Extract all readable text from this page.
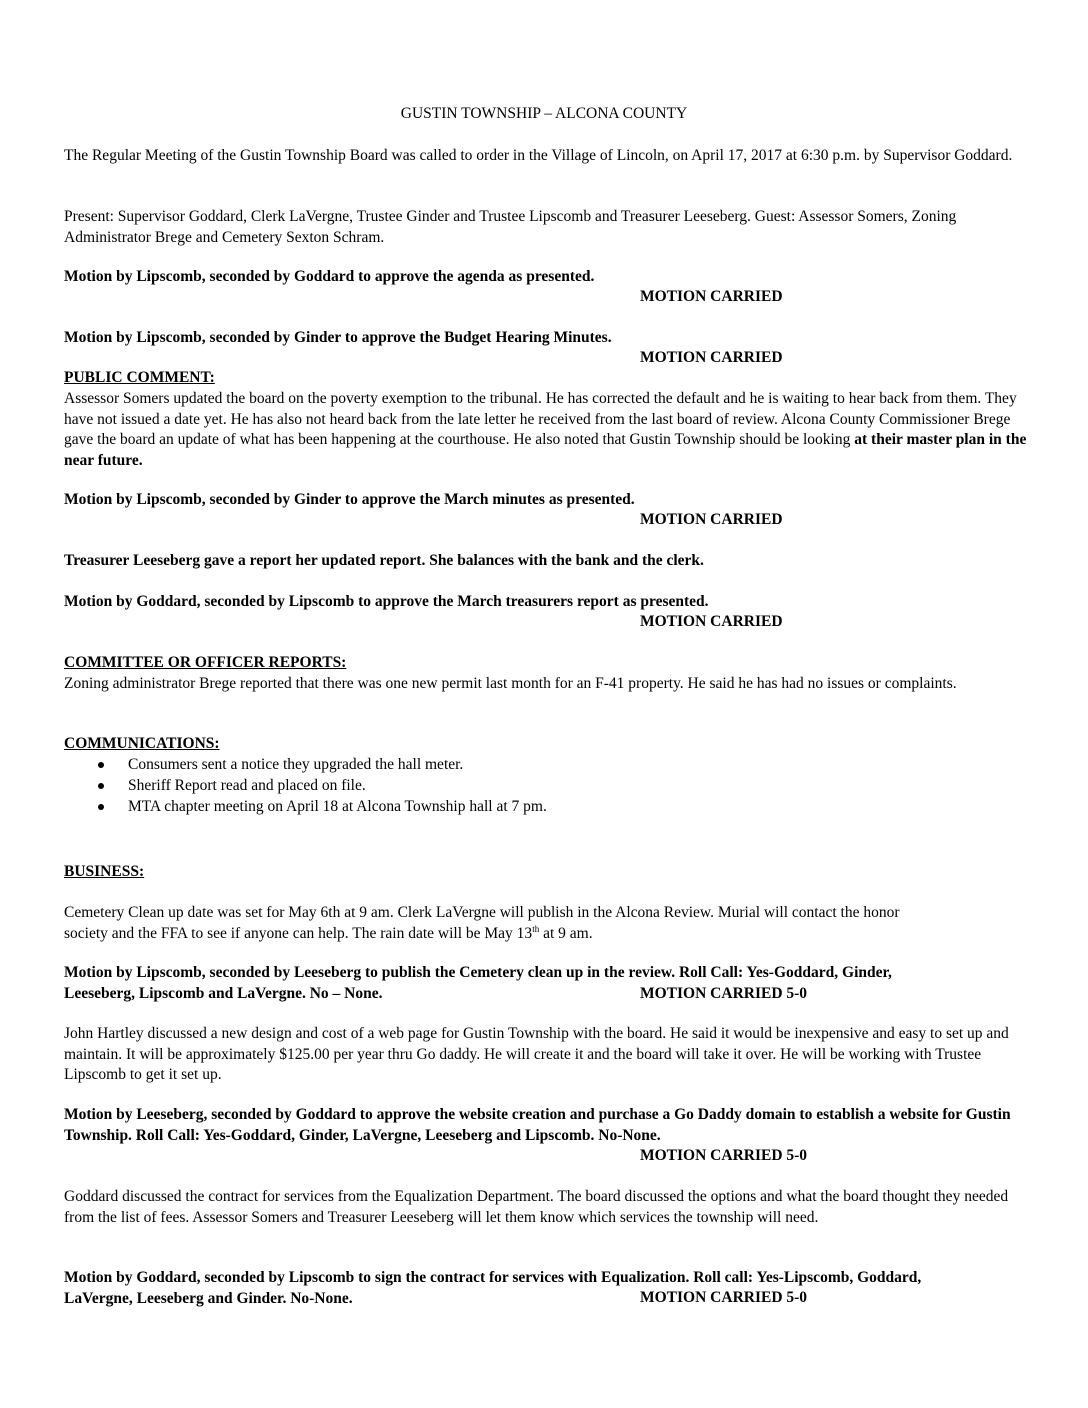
GUSTIN TOWNSHIP – ALCONA COUNTY

The Regular Meeting of the Gustin Township Board was called to order in the Village of Lincoln, on April 17, 2017 at 6:30 p.m. by Supervisor Goddard.

Present: Supervisor Goddard, Clerk LaVergne, Trustee Ginder and Trustee Lipscomb and Treasurer Leeseberg. Guest: Assessor Somers, Zoning Administrator Brege and Cemetery Sexton Schram.

Motion by Lipscomb, seconded by Goddard to approve the agenda as presented.

MOTION CARRIED

Motion by Lipscomb, seconded by Ginder to approve the Budget Hearing Minutes.

MOTION CARRIED

PUBLIC COMMENT:

Assessor Somers updated the board on the poverty exemption to the tribunal. He has corrected the default and he is waiting to hear back from them. They have not issued a date yet. He has also not heard back from the late letter he received from the last board of review. Alcona County Commissioner Brege gave the board an update of what has been happening at the courthouse. He also noted that Gustin Township should be looking at their master plan in the near future.

Motion by Lipscomb, seconded by Ginder to approve the March minutes as presented.

MOTION CARRIED

Treasurer Leeseberg gave a report her updated report. She balances with the bank and the clerk.

Motion by Goddard, seconded by Lipscomb to approve the March treasurers report as presented.

MOTION CARRIED

COMMITTEE OR OFFICER REPORTS:

Zoning administrator Brege reported that there was one new permit last month for an F-41 property. He said he has had no issues or complaints.

COMMUNICATIONS:

Consumers sent a notice they upgraded the hall meter.
Sheriff Report read and placed on file.
MTA chapter meeting on April 18 at Alcona Township hall at 7 pm.

BUSINESS:

Cemetery Clean up date was set for May 6th at 9 am. Clerk LaVergne will publish in the Alcona Review. Murial will contact the honor
society and the FFA to see if anyone can help. The rain date will be May 13th at 9 am.

Motion by Lipscomb, seconded by Leeseberg to publish the Cemetery clean up in the review. Roll Call: Yes-Goddard, Ginder,
Leeseberg, Lipscomb and LaVergne. No – None.	MOTION CARRIED 5-0

John Hartley discussed a new design and cost of a web page for Gustin Township with the board. He said it would be inexpensive and easy to set up and maintain. It will be approximately $125.00 per year thru Go daddy. He will create it and the board will take it over. He will be working with Trustee Lipscomb to get it set up.

Motion by Leeseberg, seconded by Goddard to approve the website creation and purchase a Go Daddy domain to establish a website for Gustin Township. Roll Call: Yes-Goddard, Ginder, LaVergne, Leeseberg and Lipscomb. No-None.

MOTION CARRIED 5-0

Goddard discussed the contract for services from the Equalization Department. The board discussed the options and what the board thought they needed from the list of fees. Assessor Somers and Treasurer Leeseberg will let them know which services the township will need.

Motion by Goddard, seconded by Lipscomb to sign the contract for services with Equalization. Roll call: Yes-Lipscomb, Goddard,
LaVergne, Leeseberg and Ginder. No-None.	MOTION CARRIED 5-0
